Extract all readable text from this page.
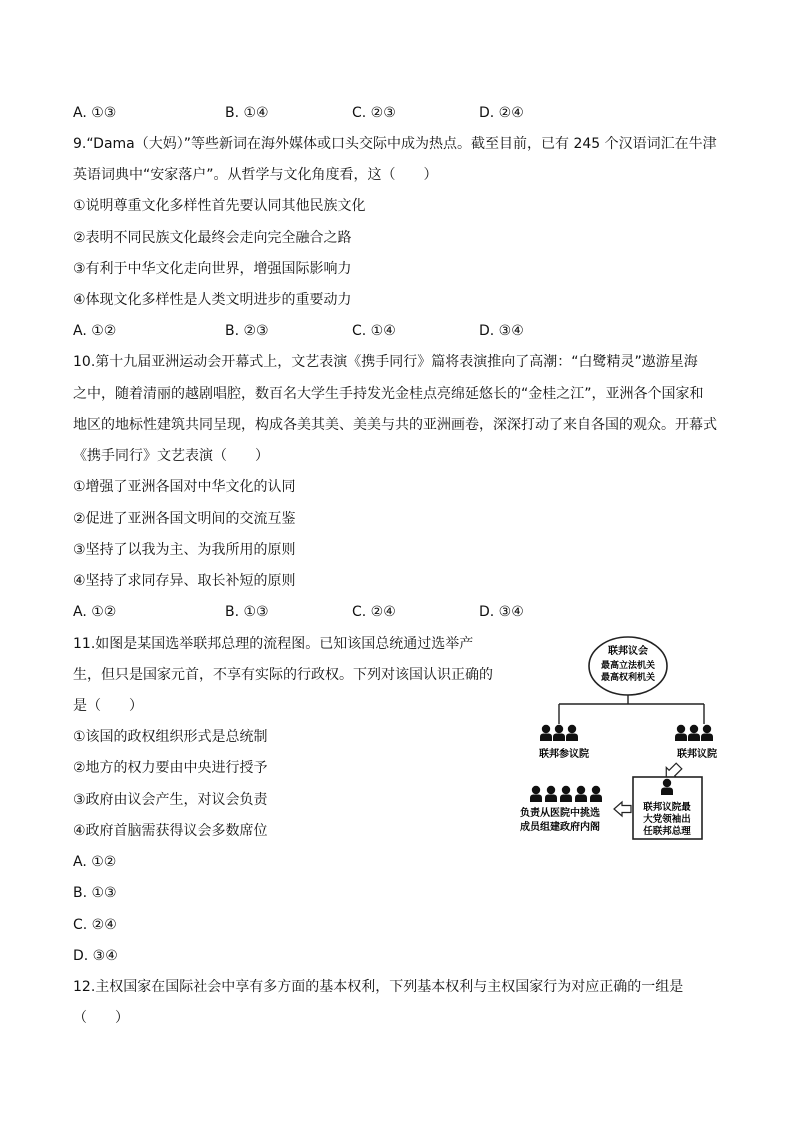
A. ①③	B. ①④	C. ②③	D. ②④
9.“Dama（大妈）”等些新词在海外媒体或口头交际中成为热点。截至目前，已有 245 个汉语词汇在牛津
英语词典中“安家落户”。从哲学与文化角度看，这（　　）
①说明尊重文化多样性首先要认同其他民族文化
②表明不同民族文化最终会走向完全融合之路
③有利于中华文化走向世界，增强国际影响力
④体现文化多样性是人类文明进步的重要动力
A. ①②	B. ②③	C. ①④	D. ③④
10.第十九届亚洲运动会开幕式上，文艺表演《携手同行》篇将表演推向了高潮：“白鹭精灵”遨游星海
之中，随着清丽的越剧唱腔，数百名大学生手持发光金桂点亮绵延悠长的“金桂之江”，亚洲各个国家和
地区的地标性建筑共同呈现，构成各美其美、美美与共的亚洲画卷，深深打动了来自各国的观众。开幕式
《携手同行》文艺表演（　　）
①增强了亚洲各国对中华文化的认同
②促进了亚洲各国文明间的交流互鉴
③坚持了以我为主、为我所用的原则
④坚持了求同存异、取长补短的原则
A. ①②	B. ①③	C. ②④	D. ③④
11.如图是某国选举联邦总理的流程图。已知该国总统通过选举产
生，但只是国家元首，不享有实际的行政权。下列对该国认识正确的
是（　　）
①该国的政权组织形式是总统制
②地方的权力要由中央进行授予
③政府由议会产生，对议会负责
④政府首脑需获得议会多数席位
A. ①②
B. ①③
C. ②④
D. ③④
联邦议会
最高立法机关
最高权利机关
联邦参议院	联邦议院
联邦议院最
大党领袖出
任联邦总理
负责从医院中挑选
成员组建政府内阁
12.主权国家在国际社会中享有多方面的基本权利，下列基本权利与主权国家行为对应正确的一组是
（　　）
